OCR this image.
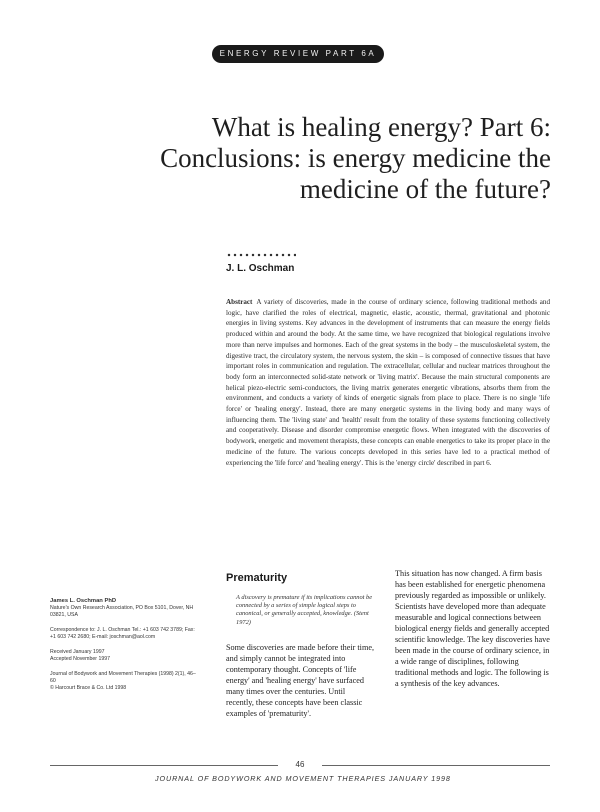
ENERGY REVIEW PART 6A
What is healing energy? Part 6: Conclusions: is energy medicine the medicine of the future?
J. L. Oschman

Abstract A variety of discoveries, made in the course of ordinary science, following traditional methods and logic, have clarified the roles of electrical, magnetic, elastic, acoustic, thermal, gravitational and photonic energies in living systems. Key advances in the development of instruments that can measure the energy fields produced within and around the body. At the same time, we have recognized that biological regulations involve more than nerve impulses and hormones. Each of the great systems in the body – the musculoskeletal system, the digestive tract, the circulatory system, the nervous system, the skin – is composed of connective tissues that have important roles in communication and regulation. The extracellular, cellular and nuclear matrices throughout the body form an interconnected solid-state network or 'living matrix'. Because the main structural components are helical piezo-electric semi-conductors, the living matrix generates energetic vibrations, absorbs them from the environment, and conducts a variety of kinds of energetic signals from place to place. There is no single 'life force' or 'healing energy'. Instead, there are many energetic systems in the living body and many ways of influencing them. The 'living state' and 'health' result from the totality of these systems functioning collectively and cooperatively. Disease and disorder compromise energetic flows. When integrated with the discoveries of bodywork, energetic and movement therapists, these concepts can enable energetics to take its proper place in the medicine of the future. The various concepts developed in this series have led to a practical method of experiencing the 'life force' and 'healing energy'. This is the 'energy circle' described in part 6.

James L. Oschman PhD

Nature's Own Research Association, PO Box 5101, Dover, NH 03821, USA

Correspondence to: J. L. Oschman Tel.: +1 603 742 3789; Fax: +1 603 742 2680; E-mail: joschman@aol.com

Received January 1997

Accepted November 1997

Journal of Bodywork and Movement Therapies (1998) 2(1), 46–60

© Harcourt Brace & Co. Ltd 1998

Prematurity

A discovery is premature if its implications cannot be connected by a series of simple logical steps to canonical, or generally accepted, knowledge. (Stent 1972)

Some discoveries are made before their time, and simply cannot be integrated into contemporary thought. Concepts of 'life energy' and 'healing energy' have surfaced many times over the centuries. Until recently, these concepts have been classic examples of 'prematurity'.

This situation has now changed. A firm basis has been established for energetic phenomena previously regarded as impossible or unlikely. Scientists have developed more than adequate measurable and logical connections between biological energy fields and generally accepted scientific knowledge. The key discoveries have been made in the course of ordinary science, in a wide range of disciplines, following traditional methods and logic. The following is a synthesis of the key advances.

46
JOURNAL OF BODYWORK AND MOVEMENT THERAPIES JANUARY 1998
